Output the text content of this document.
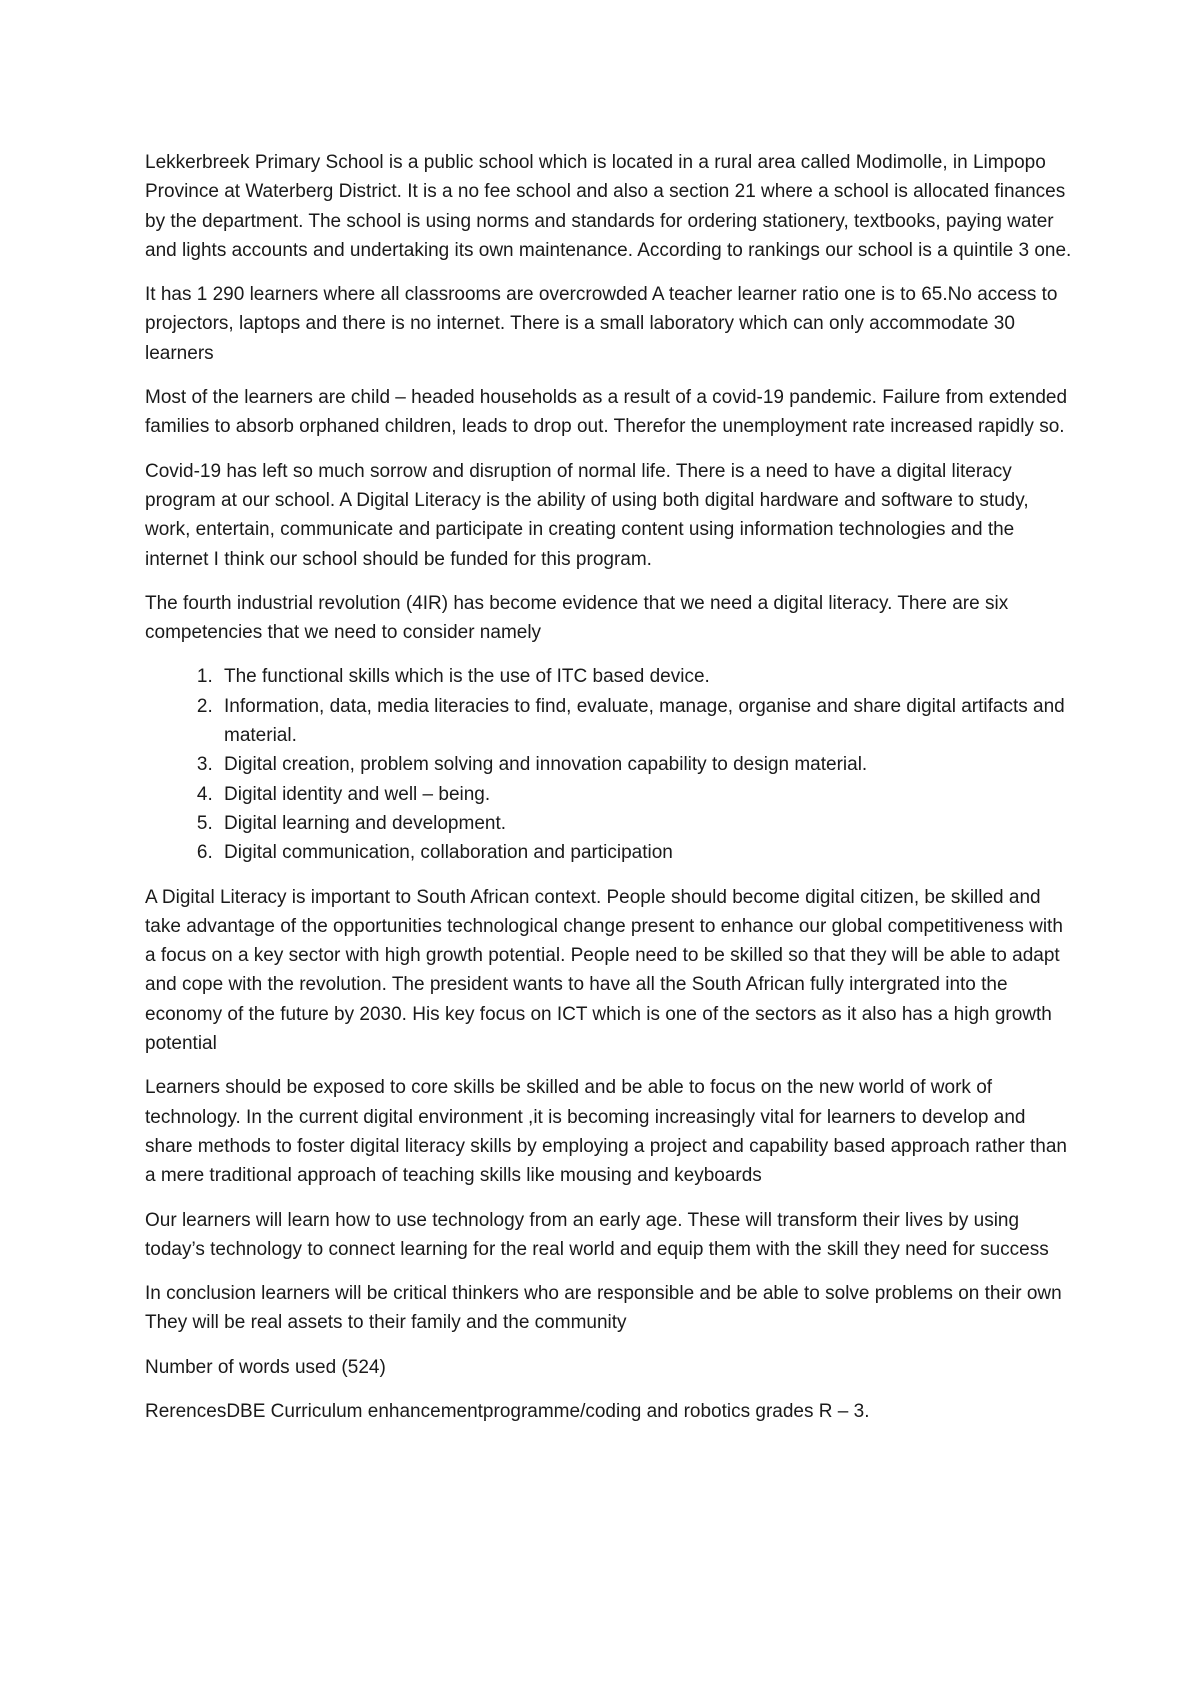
Lekkerbreek Primary School is a public school which is located in a rural area called Modimolle, in Limpopo Province at Waterberg District. It is a no fee school and also a section 21 where a school is allocated finances by the department. The school is using norms and standards for ordering stationery, textbooks, paying water and lights accounts and undertaking its own maintenance. According to rankings our school is a quintile 3 one.

It has 1 290 learners where all classrooms are overcrowded A teacher learner ratio one is to 65.No access to projectors, laptops and there is no internet. There is a small laboratory which can only accommodate 30 learners

Most of the learners are child – headed households as a result of a covid-19 pandemic. Failure from extended families to absorb orphaned children, leads to drop out. Therefor the unemployment rate increased rapidly so.

Covid-19 has left so much sorrow and disruption of normal life. There is a need to have a digital literacy program at our school. A Digital Literacy is the ability of using both digital hardware and software to study, work, entertain, communicate and participate in creating content using information technologies and the internet I think our school should be funded for this program.

The fourth industrial revolution (4IR) has become evidence that we need a digital literacy. There are six competencies that we need to consider namely

1. The functional skills which is the use of ITC based device.
2. Information, data, media literacies to find, evaluate, manage, organise and share digital artifacts and material.
3. Digital creation, problem solving and innovation capability to design material.
4. Digital identity and well – being.
5. Digital learning and development.
6. Digital communication, collaboration and participation

A Digital Literacy is important to South African context. People should become digital citizen, be skilled and take advantage of the opportunities technological change present to enhance our global competitiveness with a focus on a key sector with high growth potential. People need to be skilled so that they will be able to adapt and cope with the revolution. The president wants to have all the South African fully intergrated into the economy of the future by 2030. His key focus on ICT which is one of the sectors as it also has a high growth potential

Learners should be exposed to core skills be skilled and be able to focus on the new world of work of technology. In the current digital environment ,it is becoming increasingly vital for learners to develop and share methods to foster digital literacy skills by employing a project and capability based approach rather than a mere traditional approach of teaching skills like mousing and keyboards

Our learners will learn how to use technology from an early age. These will transform their lives by using today’s technology to connect learning for the real world and equip them with the skill they need for success

In conclusion learners will be critical thinkers who are responsible and be able to solve problems on their own They will be real assets to their family and the community

Number of words used (524)

RerencesDBE Curriculum enhancementprogramme/coding and robotics grades R – 3.
